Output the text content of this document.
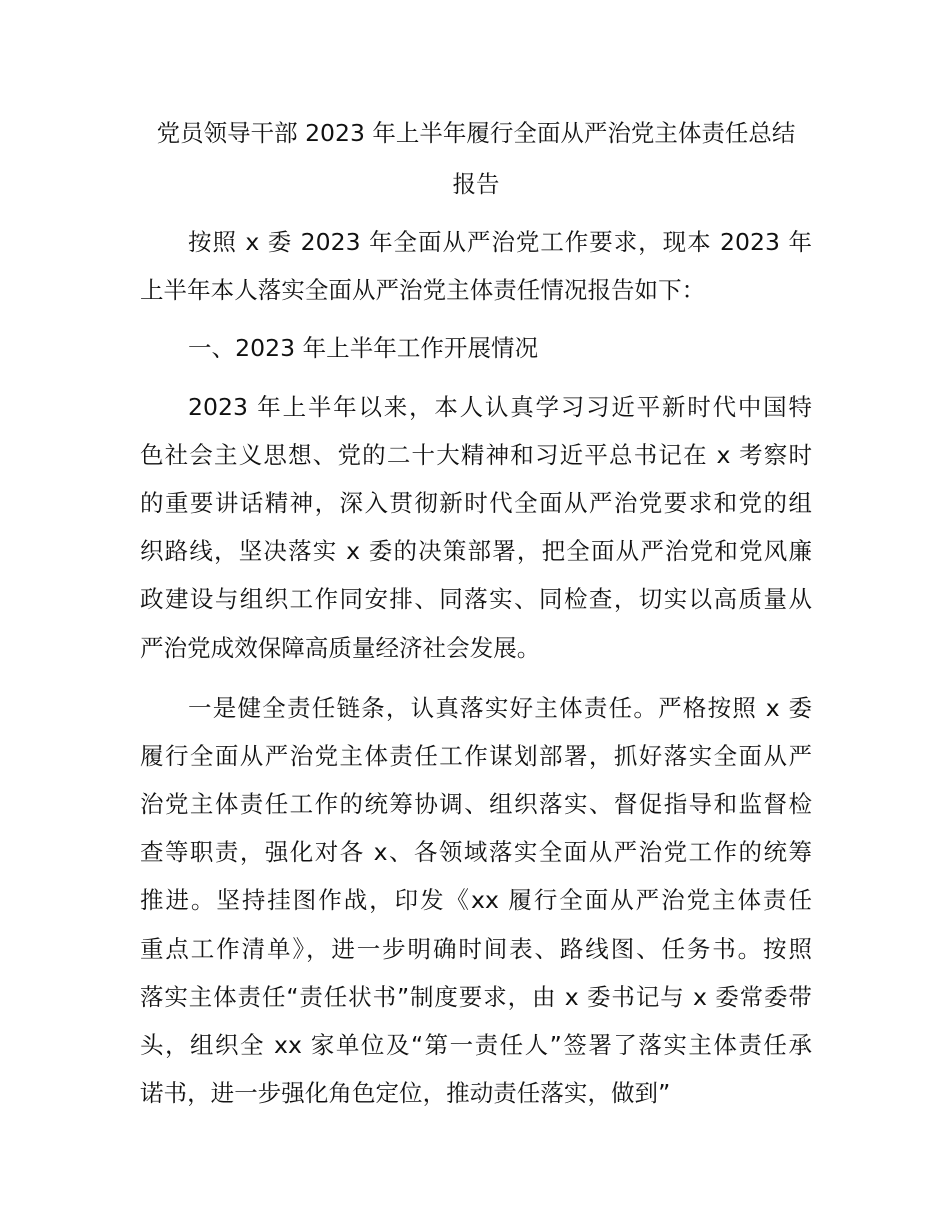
党员领导干部 2023 年上半年履行全面从严治党主体责任总结
报告
按照 x 委 2023 年全面从严治党工作要求，现本 2023 年
上半年本人落实全面从严治党主体责任情况报告如下：
一、2023 年上半年工作开展情况
2023 年上半年以来，本人认真学习习近平新时代中国特
色社会主义思想、党的二十大精神和习近平总书记在 x 考察时
的重要讲话精神，深入贯彻新时代全面从严治党要求和党的组
织路线，坚决落实 x 委的决策部署，把全面从严治党和党风廉
政建设与组织工作同安排、同落实、同检查，切实以高质量从
严治党成效保障高质量经济社会发展。
一是健全责任链条，认真落实好主体责任。严格按照 x 委
履行全面从严治党主体责任工作谋划部署，抓好落实全面从严
治党主体责任工作的统筹协调、组织落实、督促指导和监督检
查等职责，强化对各 x、各领域落实全面从严治党工作的统筹
推进。坚持挂图作战，印发《xx 履行全面从严治党主体责任
重点工作清单》，进一步明确时间表、路线图、任务书。按照
落实主体责任“责任状书”制度要求，由 x 委书记与 x 委常委带
头，组织全 xx 家单位及“第一责任人”签署了落实主体责任承
诺书，进一步强化角色定位，推动责任落实，做到”
